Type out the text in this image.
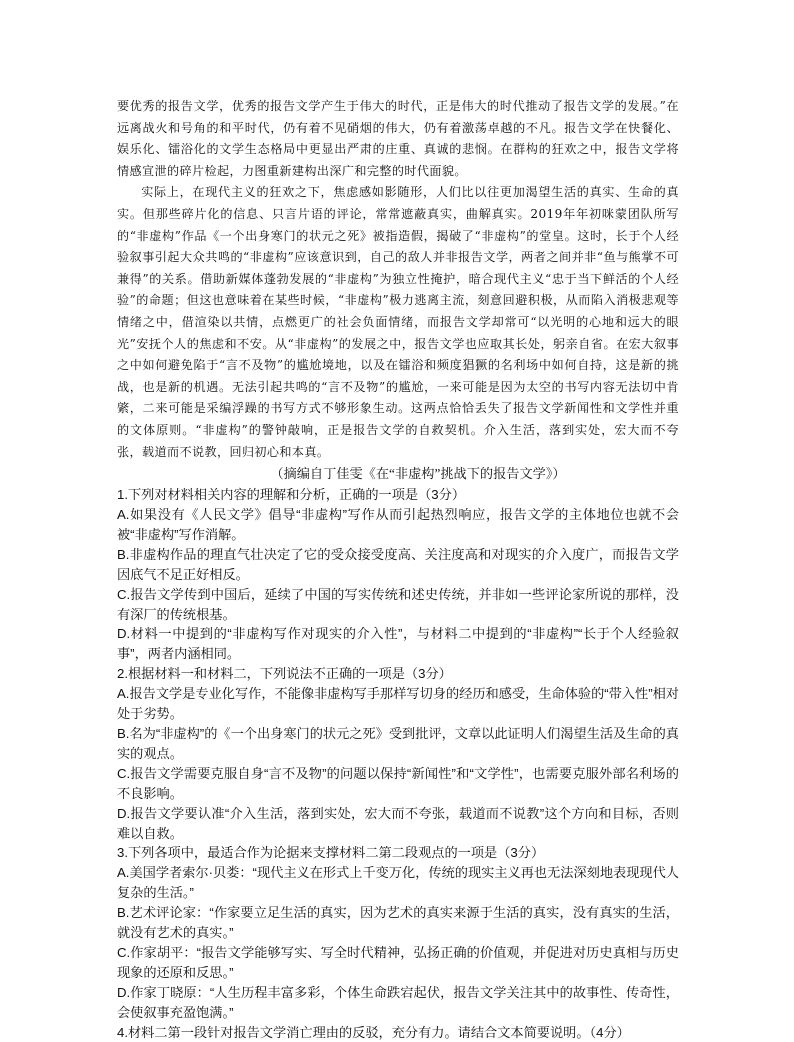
要优秀的报告文学，优秀的报告文学产生于伟大的时代，正是伟大的时代推动了报告文学的发展。”在远离战火和号角的和平时代，仍有着不见硝烟的伟大，仍有着激荡卓越的不凡。报告文学在快餐化、娱乐化、镭浴化的文学生态格局中更显出严肃的庄重、真诚的悲悯。在群构的狂欢之中，报告文学将情感宣泄的碎片检起，力图重新建构出深广和完整的时代面貌。

实际上，在现代主义的狂欢之下，焦虑感如影随形，人们比以往更加渴望生活的真实、生命的真实。但那些碎片化的信息、只言片语的评论，常常遮蔽真实，曲解真实。2019年年初咪蒙团队所写的“非虚构”作品《一个出身寒门的状元之死》被指造假，揭破了“非虚构”的堂皇。这时，长于个人经验叙事引起大众共鸣的“非虚构”应该意识到，自己的敌人并非报告文学，两者之间并非“鱼与熊掌不可兼得”的关系。借助新媒体蓬勃发展的“非虚构”为独立性掩护，暗合现代主义“忠于当下鲜活的个人经验”的命题；但这也意味着在某些时候，“非虚构”极力逃离主流，刻意回避积极，从而陷入消极悲观等情绪之中，借渲染以共情，点燃更广的社会负面情绪，而报告文学却常可“以光明的心地和远大的眼光”安抚个人的焦虑和不安。从“非虚构”的发展之中，报告文学也应取其长处，躬亲自省。在宏大叙事之中如何避免陷于“言不及物”的尴尬境地，以及在镭浴和频度猖獗的名利场中如何自持，这是新的挑战，也是新的机遇。无法引起共鸣的“言不及物”的尴尬，一来可能是因为太空的书写内容无法切中肯綮，二来可能是采编浮躁的书写方式不够形象生动。这两点恰恰丢失了报告文学新闻性和文学性并重的文体原则。“非虚构”的警钟敲响，正是报告文学的自救契机。介入生活，落到实处，宏大而不夸张，载道而不说教，回归初心和本真。

（摘编自丁佳雯《在“非虚构”挑战下的报告文学》）

1.下列对材料相关内容的理解和分析，正确的一项是（3分）

A.如果没有《人民文学》倡导“非虚构”写作从而引起热烈响应，报告文学的主体地位也就不会被“非虚构”写作消解。

B.非虚构作品的理直气壮决定了它的受众接受度高、关注度高和对现实的介入度广，而报告文学因底气不足正好相反。

C.报告文学传到中国后，延续了中国的写实传统和述史传统，并非如一些评论家所说的那样，没有深厂的传统根基。

D.材料一中提到的“非虚构写作对现实的介入性”，与材料二中提到的“非虚构”“长于个人经验叙事”，两者内涵相同。

2.根据材料一和材料二，下列说法不正确的一项是（3分）

A.报告文学是专业化写作，不能像非虚构写手那样写切身的经历和感受，生命体验的“带入性”相对处于劣势。

B.名为“非虚构”的《一个出身寒门的状元之死》受到批评，文章以此证明人们渴望生活及生命的真实的观点。

C.报告文学需要克服自身“言不及物”的问题以保持“新闻性”和“文学性”，也需要克服外部名利场的不良影响。

D.报告文学要认准“介入生活，落到实处，宏大而不夸张，载道而不说教”这个方向和目标，否则难以自救。

3.下列各项中，最适合作为论据来支撑材料二第二段观点的一项是（3分）

A.美国学者索尔·贝娄：“现代主义在形式上千变万化，传统的现实主义再也无法深刻地表现现代人复杂的生活。”

B.艺术评论家：“作家要立足生活的真实，因为艺术的真实来源于生活的真实，没有真实的生活，就没有艺术的真实。”

C.作家胡平：“报告文学能够写实、写全时代精神，弘扬正确的价值观，并促进对历史真相与历史现象的还原和反思。”

D.作家丁晓原：“人生历程丰富多彩，个体生命跌宕起伏，报告文学关注其中的故事性、传奇性，会使叙事充盈饱满。”

4.材料二第一段针对报告文学消亡理由的反驳，充分有力。请结合文本简要说明。（4分）
